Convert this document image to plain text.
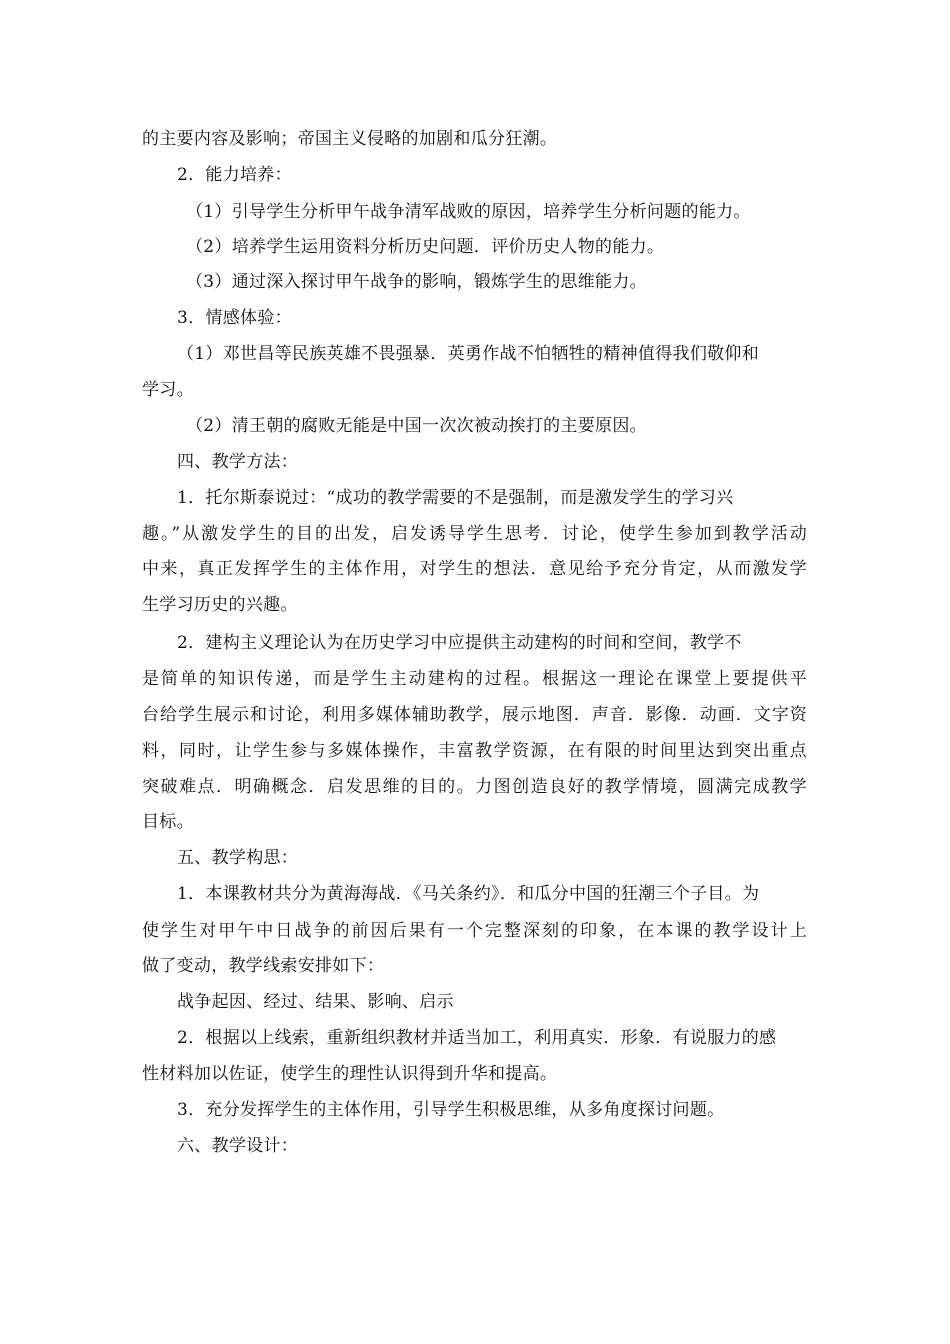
的主要内容及影响；帝国主义侵略的加剧和瓜分狂潮。
2．能力培养：
（1）引导学生分析甲午战争清军战败的原因，培养学生分析问题的能力。
（2）培养学生运用资料分析历史问题．评价历史人物的能力。
（3）通过深入探讨甲午战争的影响，锻炼学生的思维能力。
3．情感体验：
（1）邓世昌等民族英雄不畏强暴．英勇作战不怕牺牲的精神值得我们敬仰和
学习。
（2）清王朝的腐败无能是中国一次次被动挨打的主要原因。
四、教学方法：
1．托尔斯泰说过：“成功的教学需要的不是强制，而是激发学生的学习兴
趣。”从激发学生的目的出发，启发诱导学生思考．讨论，使学生参加到教学活动
中来，真正发挥学生的主体作用，对学生的想法．意见给予充分肯定，从而激发学
生学习历史的兴趣。
2．建构主义理论认为在历史学习中应提供主动建构的时间和空间，教学不
是简单的知识传递，而是学生主动建构的过程。根据这一理论在课堂上要提供平
台给学生展示和讨论，利用多媒体辅助教学，展示地图．声音．影像．动画．文字资
料，同时，让学生参与多媒体操作，丰富教学资源，在有限的时间里达到突出重点
突破难点．明确概念．启发思维的目的。力图创造良好的教学情境，圆满完成教学
目标。
五、教学构思：
1．本课教材共分为黄海海战．《马关条约》．和瓜分中国的狂潮三个子目。为
使学生对甲午中日战争的前因后果有一个完整深刻的印象，在本课的教学设计上
做了变动，教学线索安排如下：
战争起因、经过、结果、影响、启示
2．根据以上线索，重新组织教材并适当加工，利用真实．形象．有说服力的感
性材料加以佐证，使学生的理性认识得到升华和提高。
3．充分发挥学生的主体作用，引导学生积极思维，从多角度探讨问题。
六、教学设计：
